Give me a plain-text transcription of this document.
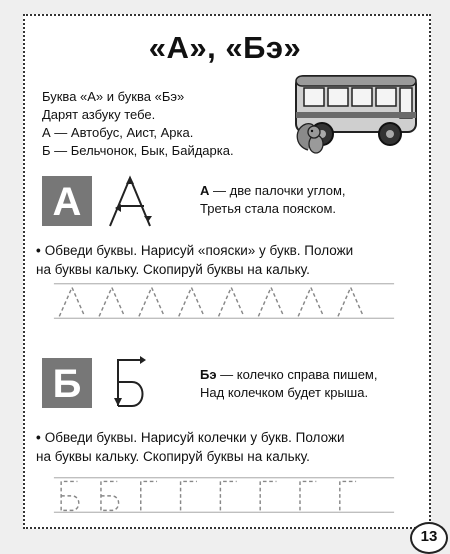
«А», «Бэ»
Буква «А» и буква «Бэ»
Дарят азбуку тебе.
А — Автобус, Аист, Арка.
Б — Бельчонок, Бык, Байдарка.
А	А — две палочки углом,
Третья стала пояском.
• Обведи буквы. Нарисуй «пояски» у букв. Положи
на буквы кальку. Скопируй буквы на кальку.
Б	Бэ — колечко справа пишем,
Над колечком будет крыша.
• Обведи буквы. Нарисуй колечки у букв. Положи
на буквы кальку. Скопируй буквы на кальку.
13
